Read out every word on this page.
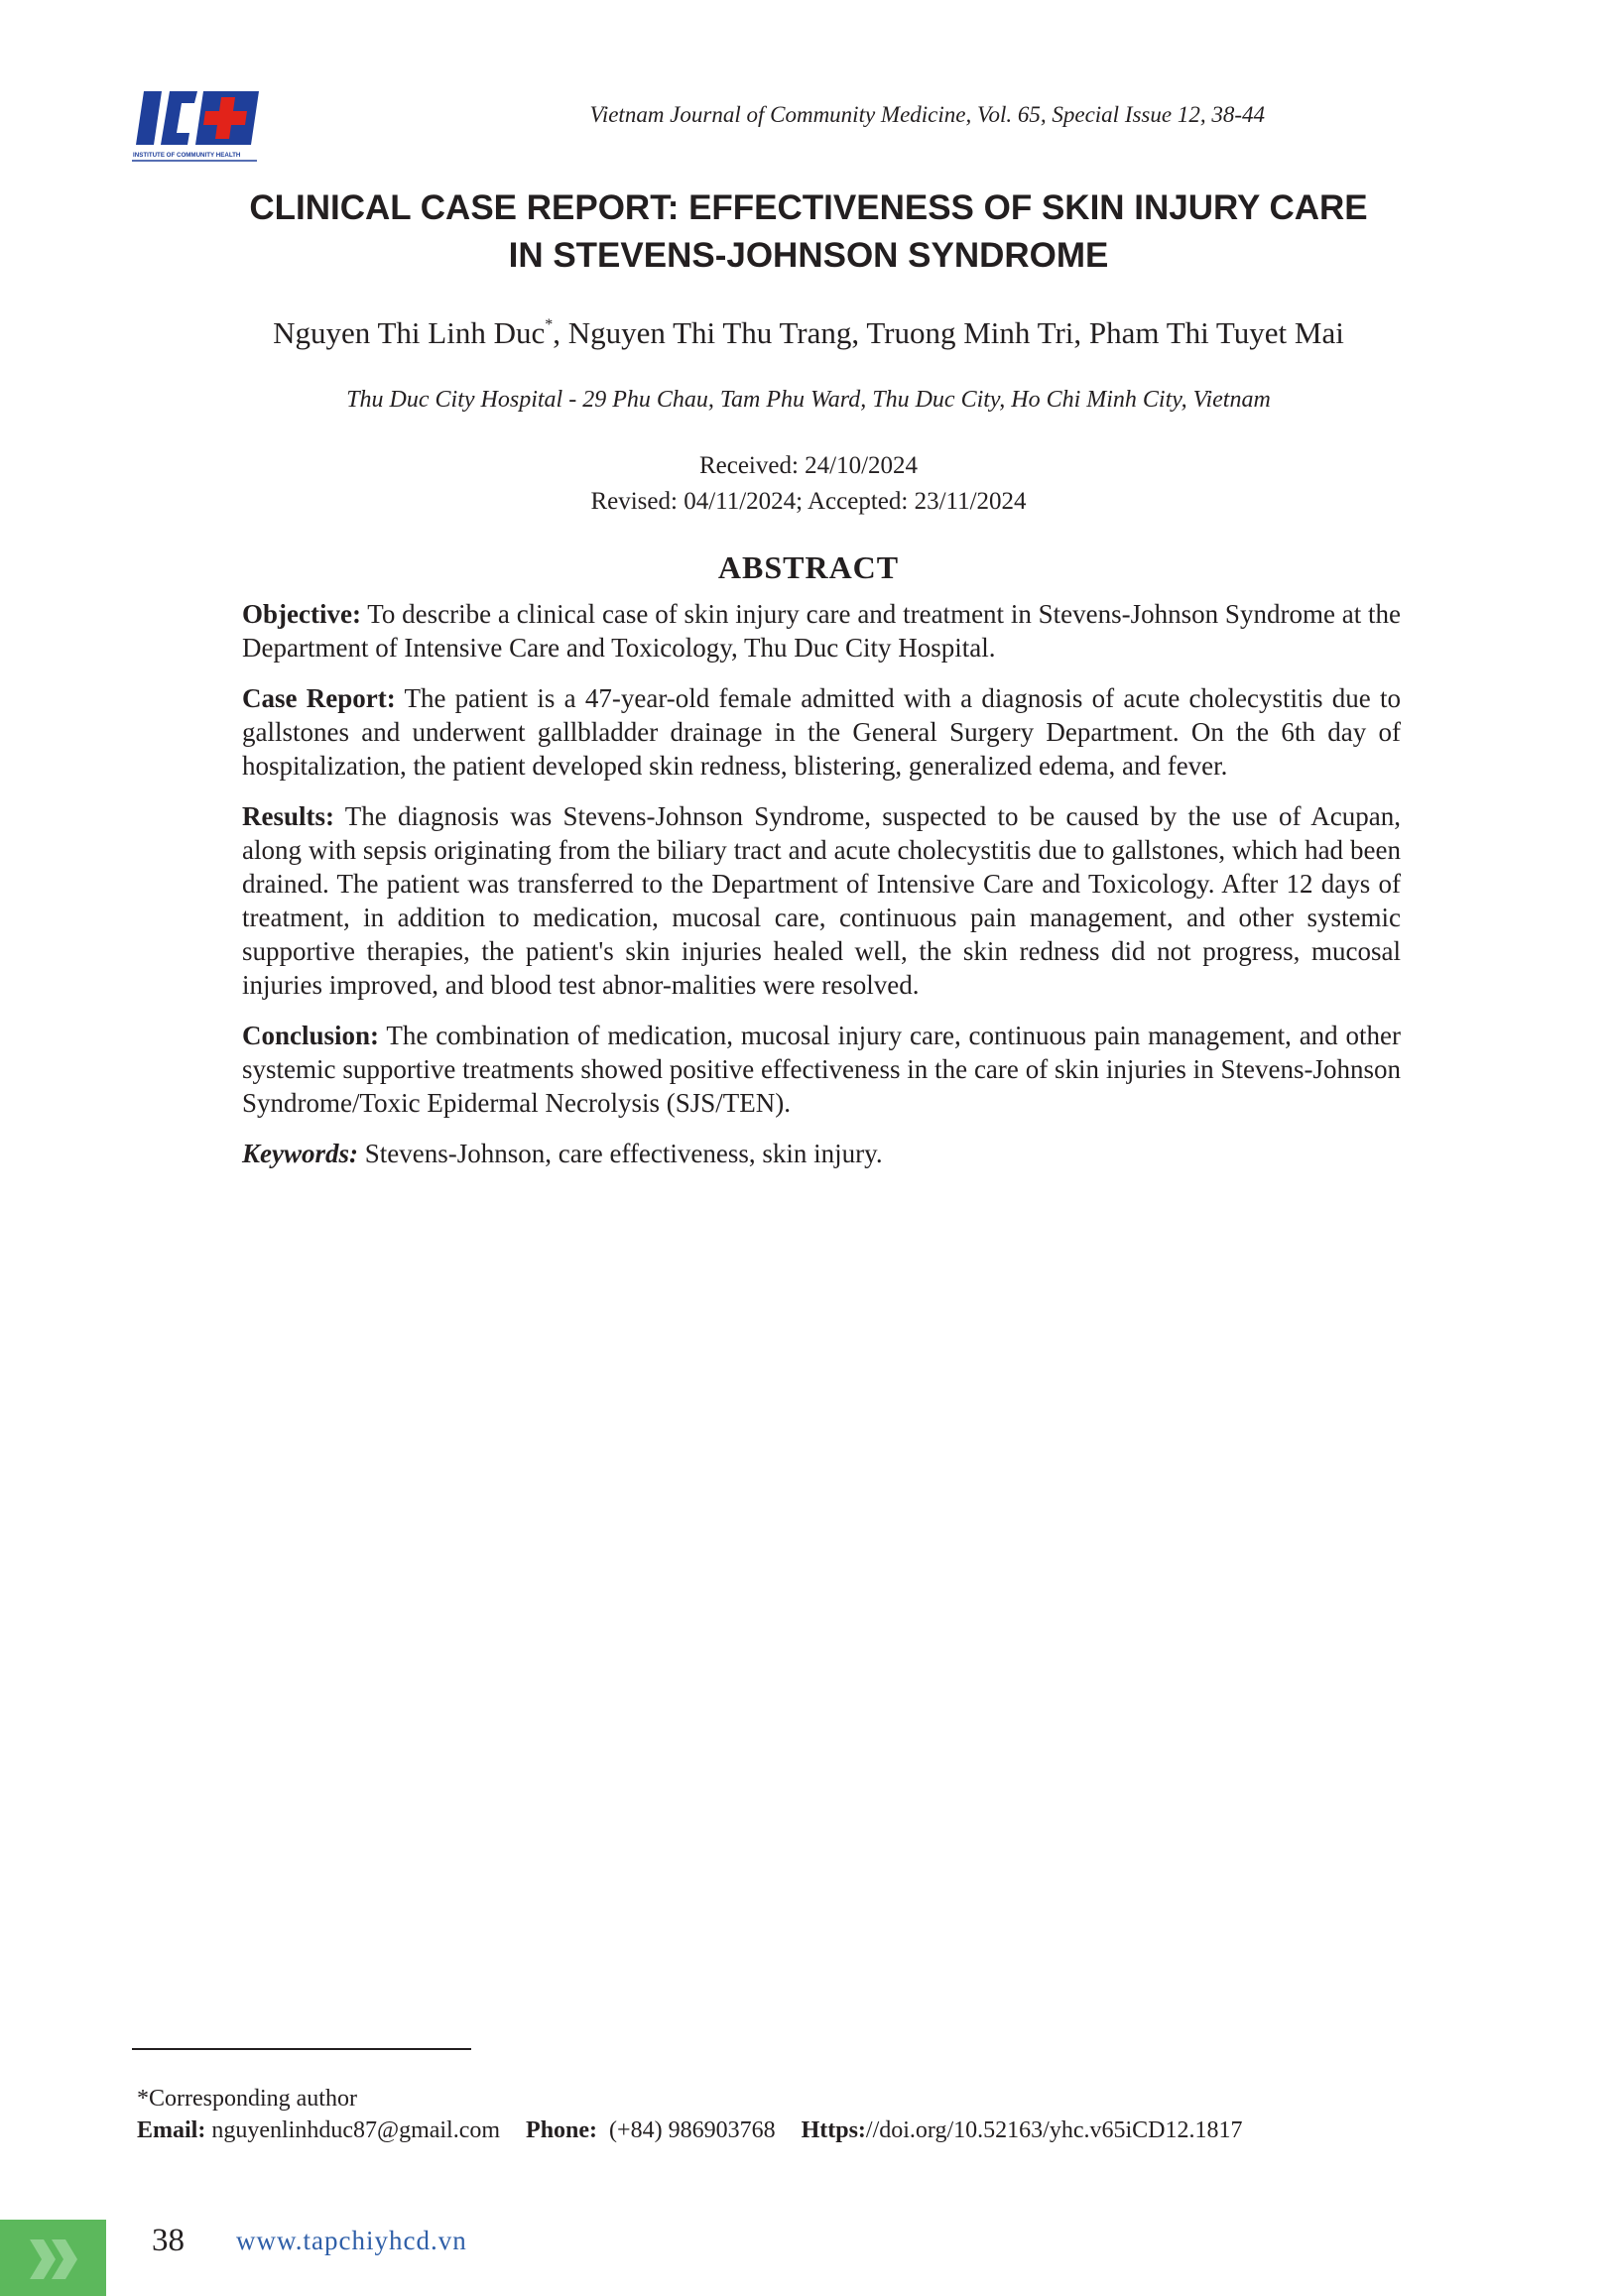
INSTITUTE OF COMMUNITY HEALTH
Vietnam Journal of Community Medicine, Vol. 65, Special Issue 12, 38-44
CLINICAL CASE REPORT: EFFECTIVENESS OF SKIN INJURY CARE
IN STEVENS-JOHNSON SYNDROME
Nguyen Thi Linh Duc*, Nguyen Thi Thu Trang, Truong Minh Tri, Pham Thi Tuyet Mai
Thu Duc City Hospital - 29 Phu Chau, Tam Phu Ward, Thu Duc City, Ho Chi Minh City, Vietnam
Received: 24/10/2024
Revised: 04/11/2024; Accepted: 23/11/2024
ABSTRACT

Objective: To describe a clinical case of skin injury care and treatment in Stevens-Johnson Syndrome at the Department of Intensive Care and Toxicology, Thu Duc City Hospital.

Case Report: The patient is a 47-year-old female admitted with a diagnosis of acute cholecystitis due to gallstones and underwent gallbladder drainage in the General Surgery Department. On the 6th day of hospitalization, the patient developed skin redness, blistering, generalized edema, and fever.

Results: The diagnosis was Stevens-Johnson Syndrome, suspected to be caused by the use of Acupan, along with sepsis originating from the biliary tract and acute cholecystitis due to gallstones, which had been drained. The patient was transferred to the Department of Intensive Care and Toxicology. After 12 days of treatment, in addition to medication, mucosal care, continuous pain management, and other systemic supportive therapies, the patient's skin injuries healed well, the skin redness did not progress, mucosal injuries improved, and blood test abnor-malities were resolved.

Conclusion: The combination of medication, mucosal injury care, continuous pain management, and other systemic supportive treatments showed positive effectiveness in the care of skin injuries in Stevens-Johnson Syndrome/Toxic Epidermal Necrolysis (SJS/TEN).

Keywords: Stevens-Johnson, care effectiveness, skin injury.

*Corresponding author
Email: nguyenlinhduc87@gmail.com Phone:  (+84) 986903768 Https://doi.org/10.52163/yhc.v65iCD12.1817
38 www.tapchiyhcd.vn
